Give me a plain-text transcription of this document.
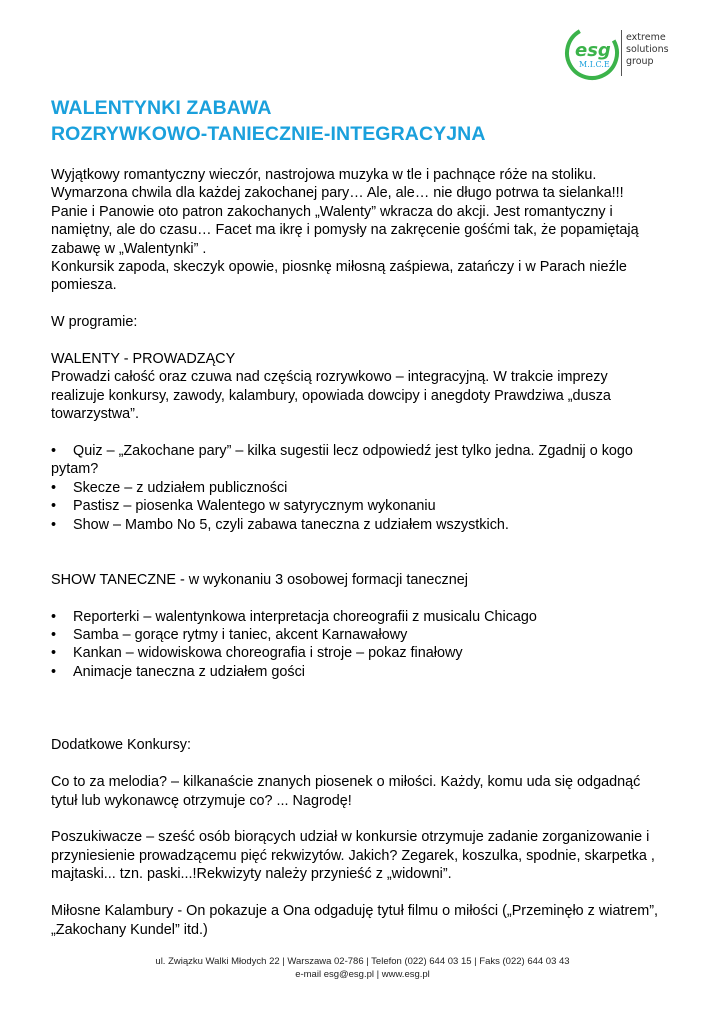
esg
M.I.C.E
extreme
solutions
group
WALENTYNKI ZABAWA
ROZRYWKOWO-TANIECZNIE-INTEGRACYJNA

Wyjątkowy romantyczny wieczór, nastrojowa muzyka w tle i pachnące róże na stoliku.

Wymarzona chwila dla każdej zakochanej pary… Ale, ale… nie długo potrwa ta sielanka!!!

Panie i Panowie oto patron zakochanych „Walenty” wkracza do akcji. Jest romantyczny i

namiętny, ale do czasu… Facet ma ikrę i pomysły na zakręcenie gośćmi tak, że popamiętają

zabawę w „Walentynki” .

Konkursik zapoda, skeczyk opowie, piosnkę miłosną zaśpiewa, zatańczy i w Parach nieźle

pomiesza.

W programie:

WALENTY - PROWADZĄCY

Prowadzi całość oraz czuwa nad częścią rozrywkowo – integracyjną. W trakcie imprezy

realizuje konkursy, zawody, kalambury, opowiada dowcipy i anegdoty Prawdziwa „dusza

towarzystwa”.

• Quiz – „Zakochane pary” – kilka sugestii lecz odpowiedź jest tylko jedna. Zgadnij o kogo

pytam?

• Skecze – z udziałem publiczności
• Pastisz – piosenka Walentego w satyrycznym wykonaniu
• Show – Mambo No 5, czyli zabawa taneczna z udziałem wszystkich.

SHOW TANECZNE - w wykonaniu 3 osobowej formacji tanecznej

• Reporterki – walentynkowa interpretacja choreografii z musicalu Chicago
• Samba – gorące rytmy i taniec, akcent Karnawałowy
• Kankan – widowiskowa choreografia i stroje – pokaz finałowy
• Animacje taneczna z udziałem gości

Dodatkowe Konkursy:

Co to za melodia? – kilkanaście znanych piosenek o miłości. Każdy, komu uda się odgadnąć

tytuł lub wykonawcę otrzymuje co? ... Nagrodę!

Poszukiwacze – sześć osób biorących udział w konkursie otrzymuje zadanie zorganizowanie i

przyniesienie prowadzącemu pięć rekwizytów. Jakich? Zegarek, koszulka, spodnie, skarpetka ,

majtaski... tzn. paski...!Rekwizyty należy przynieść z „widowni”.

Miłosne Kalambury - On pokazuje a Ona odgaduję tytuł filmu o miłości („Przeminęło z wiatrem”,

„Zakochany Kundel” itd.)

ul. Związku Walki Młodych 22 | Warszawa 02-786 | Telefon (022) 644 03 15 | Faks (022) 644 03 43
e-mail esg@esg.pl | www.esg.pl
